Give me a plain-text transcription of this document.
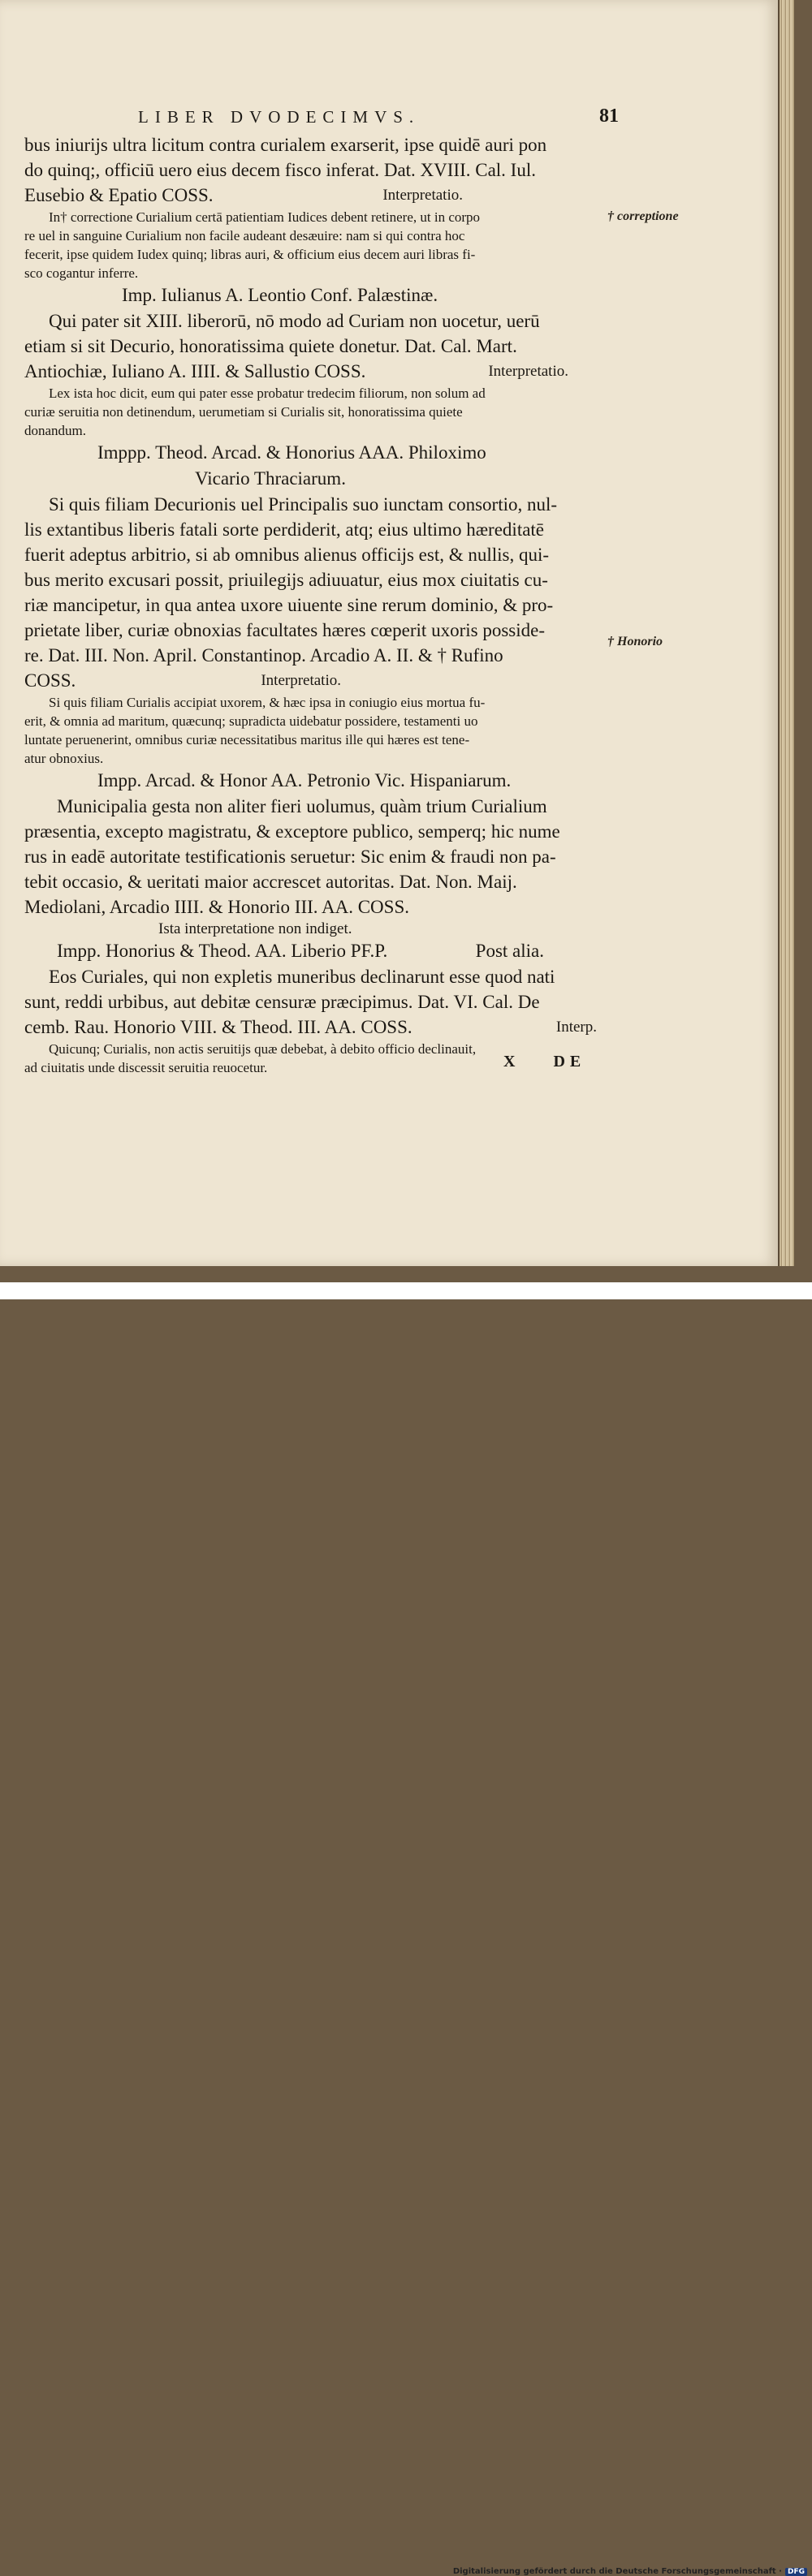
LIBER DVODECIMVS.	81
bus iniurijs ultra licitum contra curialem exarserit, ipse quidē auri pon
do quinq;, officiū uero eius decem fisco inferat. Dat. XVIII. Cal. Iul.
Eusebio & Epatio COSS.	Interpretatio.
In† correctione Curialium certā patientiam Iudices debent retinere, ut in corpo
re uel in sanguine Curialium non facile audeant desæuire: nam si qui contra hoc
fecerit, ipse quidem Iudex quinq; libras auri, & officium eius decem auri libras fi-
sco cogantur inferre.
Imp. Iulianus A. Leontio Conf. Palæstinæ.
Qui pater sit XIII. liberorū, nō modo ad Curiam non uocetur, uerū
etiam si sit Decurio, honoratissima quiete donetur. Dat. Cal. Mart.
Antiochiæ, Iuliano A. IIII. & Sallustio COSS.	Interpretatio.
Lex ista hoc dicit, eum qui pater esse probatur tredecim filiorum, non solum ad
curiæ seruitia non detinendum, uerumetiam si Curialis sit, honoratissima quiete
donandum.
Imppp. Theod. Arcad. & Honorius AAA. Philoximo
Vicario Thraciarum.
Si quis filiam Decurionis uel Principalis suo iunctam consortio, nul-
lis extantibus liberis fatali sorte perdiderit, atq; eius ultimo hæreditatē
fuerit adeptus arbitrio, si ab omnibus alienus officijs est, & nullis, qui-
bus merito excusari possit, priuilegijs adiuuatur, eius mox ciuitatis cu-
riæ mancipetur, in qua antea uxore uiuente sine rerum dominio, & pro-
prietate liber, curiæ obnoxias facultates hæres cœperit uxoris posside-
re. Dat. III. Non. April. Constantinop. Arcadio A. II. & † Rufino
COSS.	Interpretatio.
Si quis filiam Curialis accipiat uxorem, & hæc ipsa in coniugio eius mortua fu-
erit, & omnia ad maritum, quæcunq; supradicta uidebatur possidere, testamenti uo
luntate peruenerint, omnibus curiæ necessitatibus maritus ille qui hæres est tene-
atur obnoxius.
Impp. Arcad. & Honor AA. Petronio Vic. Hispaniarum.
Municipalia gesta non aliter fieri uolumus, quàm trium Curialium
præsentia, excepto magistratu, & exceptore publico, semperq; hic nume
rus in eadē autoritate testificationis seruetur: Sic enim & fraudi non pa-
tebit occasio, & ueritati maior accrescet autoritas. Dat. Non. Maij.
Mediolani, Arcadio IIII. & Honorio III. AA. COSS.
Ista interpretatione non indiget.
Impp. Honorius & Theod. AA. Liberio PF.P.	Post alia.
Eos Curiales, qui non expletis muneribus declinarunt esse quod nati
sunt, reddi urbibus, aut debitæ censuræ præcipimus. Dat. VI. Cal. De
cemb. Rau. Honorio VIII. & Theod. III. AA. COSS.	Interp.
Quicunq; Curialis, non actis seruitijs quæ debebat, à debito officio declinauit,
ad ciuitatis unde discessit seruitia reuocetur.
† correptione
† Honorio
X DE
Digitalisierung gefördert durch die Deutsche Forschungsgemeinschaft · DFG
